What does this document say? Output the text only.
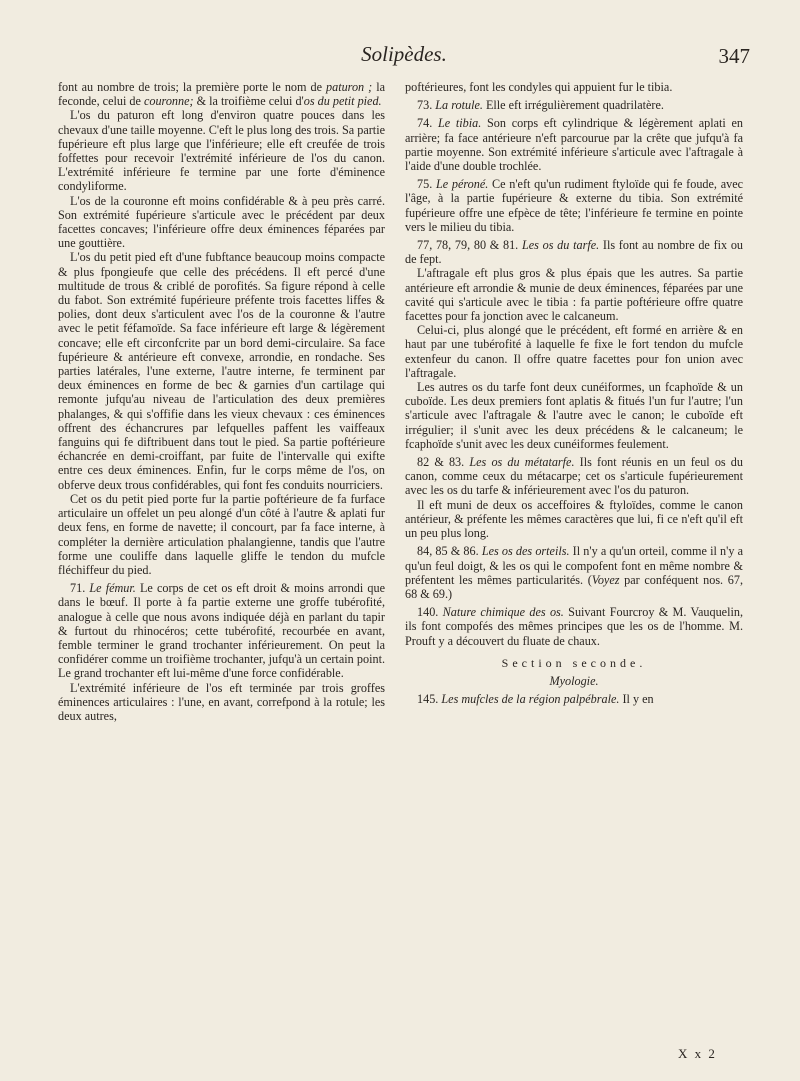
Solipèdes.	347

font au nombre de trois; la première porte le nom de paturon ; la feconde, celui de couronne; & la troifième celui d'os du petit pied.

L'os du paturon eft long d'environ quatre pouces dans les chevaux d'une taille moyenne. C'eft le plus long des trois. Sa partie fupérieure eft plus large que l'inférieure; elle eft creufée de trois foffettes pour recevoir l'extrémité inférieure de l'os du canon. L'extrémité inférieure fe termine par une forte d'éminence condyliforme.

L'os de la couronne eft moins confidérable & à peu près carré. Son extrémité fupérieure s'articule avec le précédent par deux facettes concaves; l'inférieure offre deux éminences féparées par une gouttière.

L'os du petit pied eft d'une fubftance beaucoup moins compacte & plus fpongieufe que celle des précédens. Il eft percé d'une multitude de trous & criblé de porofités. Sa figure répond à celle du fabot. Son extrémité fupérieure préfente trois facettes liffes & polies, dont deux s'articulent avec l'os de la couronne & l'autre avec le petit féfamoïde. Sa face inférieure eft large & légèrement concave; elle eft circonfcrite par un bord demi-circulaire. Sa face fupérieure & antérieure eft convexe, arrondie, en rondache. Ses parties latérales, l'une externe, l'autre interne, fe terminent par deux éminences en forme de bec & garnies d'un cartilage qui remonte jufqu'au niveau de l'articulation des deux premières phalanges, & qui s'offifie dans les vieux chevaux : ces éminences offrent des échancrures par lefquelles paffent les vaiffeaux fanguins qui fe diftribuent dans tout le pied. Sa partie poftérieure échancrée en demi-croiffant, par fuite de l'intervalle qui exifte entre ces deux éminences. Enfin, fur le corps même de l'os, on obferve deux trous confidérables, qui font fes conduits nourriciers.

Cet os du petit pied porte fur la partie poftérieure de fa furface articulaire un offelet un peu alongé d'un côté à l'autre & aplati fur deux fens, en forme de navette; il concourt, par fa face interne, à compléter la dernière articulation phalangienne, tandis que l'autre forme une couliffe dans laquelle gliffe le tendon du mufcle fléchiffeur du pied.

71. Le fémur. Le corps de cet os eft droit & moins arrondi que dans le bœuf. Il porte à fa partie externe une groffe tubérofité, analogue à celle que nous avons indiquée déjà en parlant du tapir & furtout du rhinocéros; cette tubérofité, recourbée en avant, femble terminer le grand trochanter inférieurement. On peut la confidérer comme un troifième trochanter, jufqu'à un certain point. Le grand trochanter eft lui-même d'une force confidérable.

L'extrémité inférieure de l'os eft terminée par trois groffes éminences articulaires : l'une, en avant, correfpond à la rotule; les deux autres,

poftérieures, font les condyles qui appuient fur le tibia.

73. La rotule. Elle eft irrégulièrement quadrilatère.

74. Le tibia. Son corps eft cylindrique & légèrement aplati en arrière; fa face antérieure n'eft parcourue par la crête que jufqu'à fa partie moyenne. Son extrémité inférieure s'articule avec l'aftragale à l'aide d'une double trochlée.

75. Le péroné. Ce n'eft qu'un rudiment ftyloïde qui fe foude, avec l'âge, à la partie fupérieure & externe du tibia. Son extrémité fupérieure offre une efpèce de tête; l'inférieure fe termine en pointe vers le milieu du tibia.

77, 78, 79, 80 & 81. Les os du tarfe. Ils font au nombre de fix ou de fept.

L'aftragale eft plus gros & plus épais que les autres. Sa partie antérieure eft arrondie & munie de deux éminences, féparées par une cavité qui s'articule avec le tibia : fa partie poftérieure offre quatre facettes pour fa jonction avec le calcaneum.

Celui-ci, plus alongé que le précédent, eft formé en arrière & en haut par une tubérofité à laquelle fe fixe le fort tendon du mufcle extenfeur du canon. Il offre quatre facettes pour fon union avec l'aftragale.

Les autres os du tarfe font deux cunéiformes, un fcaphoïde & un cuboïde. Les deux premiers font aplatis & fitués l'un fur l'autre; l'un s'articule avec l'aftragale & l'autre avec le canon; le cuboïde eft irrégulier; il s'unit avec les deux précédens & le calcaneum; le fcaphoïde s'unit avec les deux cunéiformes feulement.

82 & 83. Les os du métatarfe. Ils font réunis en un feul os du canon, comme ceux du métacarpe; cet os s'articule fupérieurement avec les os du tarfe & inférieurement avec l'os du paturon.

Il eft muni de deux os acceffoires & ftyloïdes, comme le canon antérieur, & préfente les mêmes caractères que lui, fi ce n'eft qu'il eft un peu plus long.

84, 85 & 86. Les os des orteils. Il n'y a qu'un orteil, comme il n'y a qu'un feul doigt, & les os qui le compofent font en même nombre & préfentent les mêmes particularités. (Voyez par conféquent nos. 67, 68 & 69.)

140. Nature chimique des os. Suivant Fourcroy & M. Vauquelin, ils font compofés des mêmes principes que les os de l'homme. M. Prouft y a découvert du fluate de chaux.

Section seconde.
Myologie.

145. Les mufcles de la région palpébrale. Il y en

X x 2
